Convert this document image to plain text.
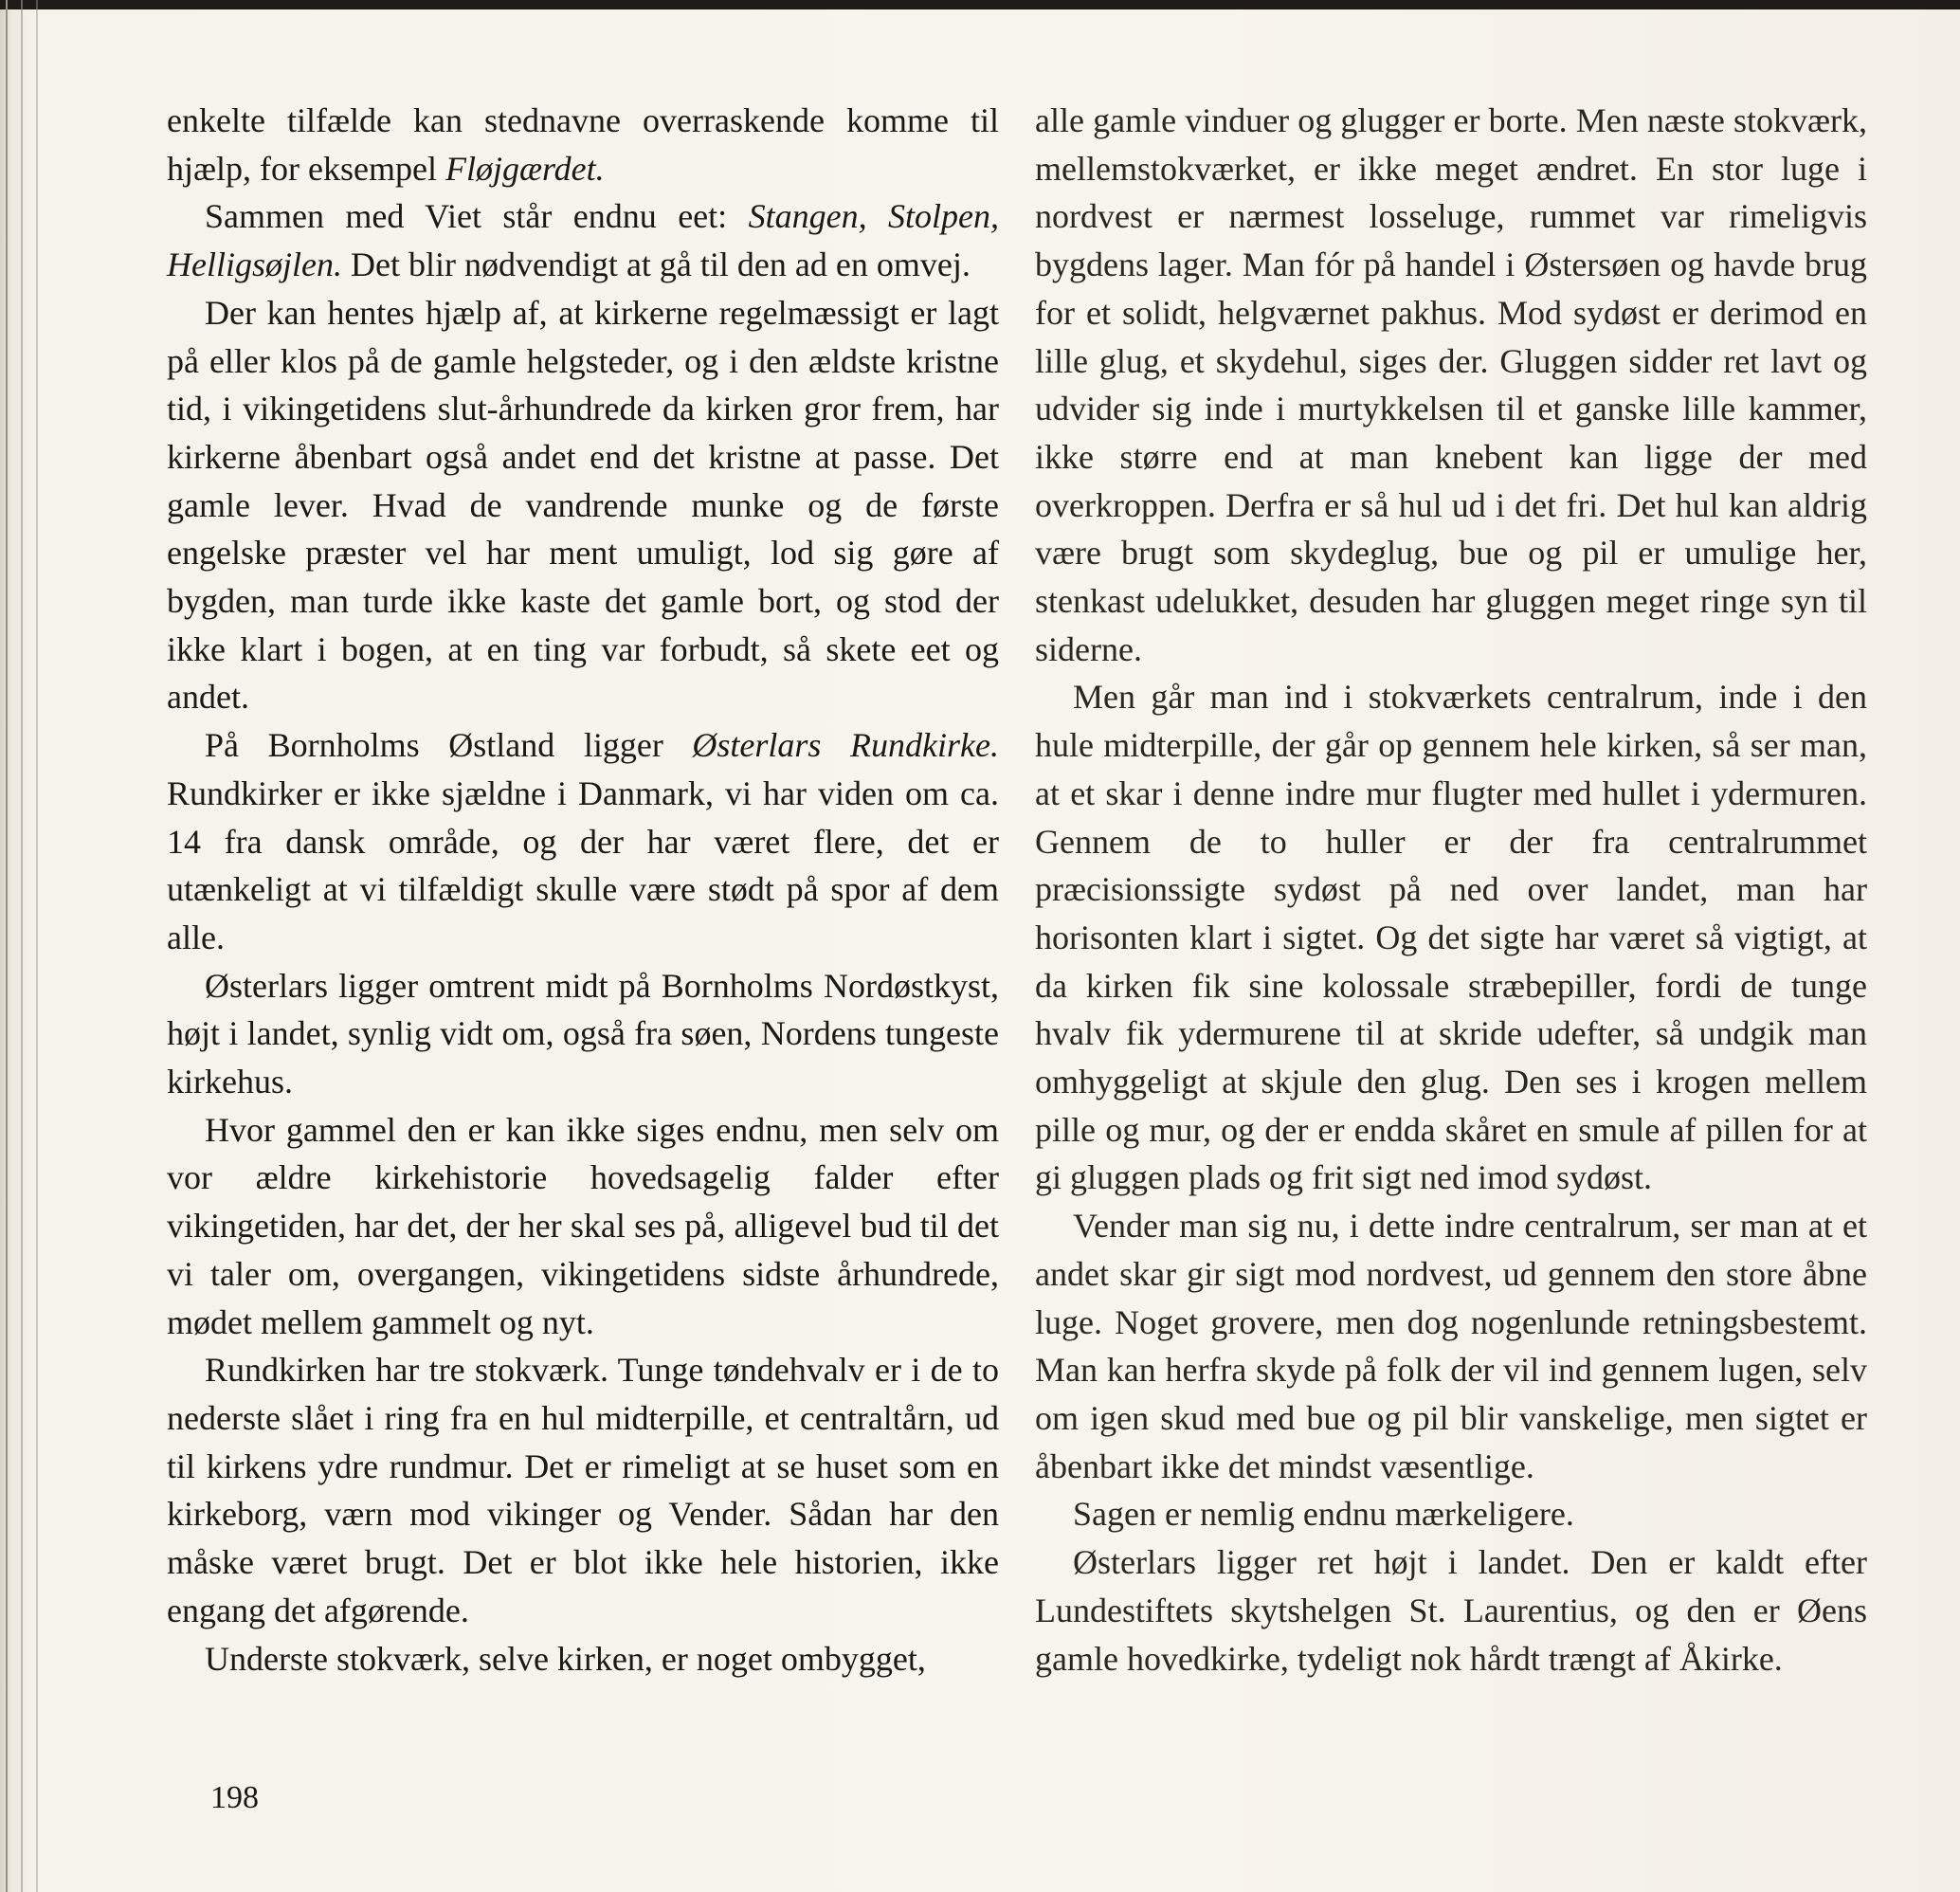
enkelte tilfælde kan stednavne overraskende komme til hjælp, for eksempel Fløjgærdet.

Sammen med Viet står endnu eet: Stangen, Stolpen, Helligsøjlen. Det blir nødvendigt at gå til den ad en omvej.

Der kan hentes hjælp af, at kirkerne regelmæssigt er lagt på eller klos på de gamle helgsteder, og i den ældste kristne tid, i vikingetidens slut-århundrede da kirken gror frem, har kirkerne åbenbart også andet end det kristne at passe. Det gamle lever. Hvad de vandrende munke og de første engelske præster vel har ment umuligt, lod sig gøre af bygden, man turde ikke kaste det gamle bort, og stod der ikke klart i bogen, at en ting var forbudt, så skete eet og andet.

På Bornholms Østland ligger Østerlars Rundkirke. Rundkirker er ikke sjældne i Danmark, vi har viden om ca. 14 fra dansk område, og der har været flere, det er utænkeligt at vi tilfældigt skulle være stødt på spor af dem alle.

Østerlars ligger omtrent midt på Bornholms Nordøstkyst, højt i landet, synlig vidt om, også fra søen, Nordens tungeste kirkehus.

Hvor gammel den er kan ikke siges endnu, men selv om vor ældre kirkehistorie hovedsagelig falder efter vikingetiden, har det, der her skal ses på, alligevel bud til det vi taler om, overgangen, vikingetidens sidste århundrede, mødet mellem gammelt og nyt.

Rundkirken har tre stokværk. Tunge tøndehvalv er i de to nederste slået i ring fra en hul midterpille, et centraltårn, ud til kirkens ydre rundmur. Det er rimeligt at se huset som en kirkeborg, værn mod vikinger og Vender. Sådan har den måske været brugt. Det er blot ikke hele historien, ikke engang det afgørende.

Underste stokværk, selve kirken, er noget ombygget,

alle gamle vinduer og glugger er borte. Men næste stokværk, mellemstokværket, er ikke meget ændret. En stor luge i nordvest er nærmest losseluge, rummet var rimeligvis bygdens lager. Man fór på handel i Østersøen og havde brug for et solidt, helgværnet pakhus. Mod sydøst er derimod en lille glug, et skydehul, siges der. Gluggen sidder ret lavt og udvider sig inde i murtykkelsen til et ganske lille kammer, ikke større end at man knebent kan ligge der med overkroppen. Derfra er så hul ud i det fri. Det hul kan aldrig være brugt som skydeglug, bue og pil er umulige her, stenkast udelukket, desuden har gluggen meget ringe syn til siderne.

Men går man ind i stokværkets centralrum, inde i den hule midterpille, der går op gennem hele kirken, så ser man, at et skar i denne indre mur flugter med hullet i ydermuren. Gennem de to huller er der fra centralrummet præcisionssigte sydøst på ned over landet, man har horisonten klart i sigtet. Og det sigte har været så vigtigt, at da kirken fik sine kolossale stræbepiller, fordi de tunge hvalv fik ydermurene til at skride udefter, så undgik man omhyggeligt at skjule den glug. Den ses i krogen mellem pille og mur, og der er endda skåret en smule af pillen for at gi gluggen plads og frit sigt ned imod sydøst.

Vender man sig nu, i dette indre centralrum, ser man at et andet skar gir sigt mod nordvest, ud gennem den store åbne luge. Noget grovere, men dog nogenlunde retningsbestemt. Man kan herfra skyde på folk der vil ind gennem lugen, selv om igen skud med bue og pil blir vanskelige, men sigtet er åbenbart ikke det mindst væsentlige.

Sagen er nemlig endnu mærkeligere.

Østerlars ligger ret højt i landet. Den er kaldt efter Lundestiftets skytshelgen St. Laurentius, og den er Øens gamle hovedkirke, tydeligt nok hårdt trængt af Åkirke.

198
